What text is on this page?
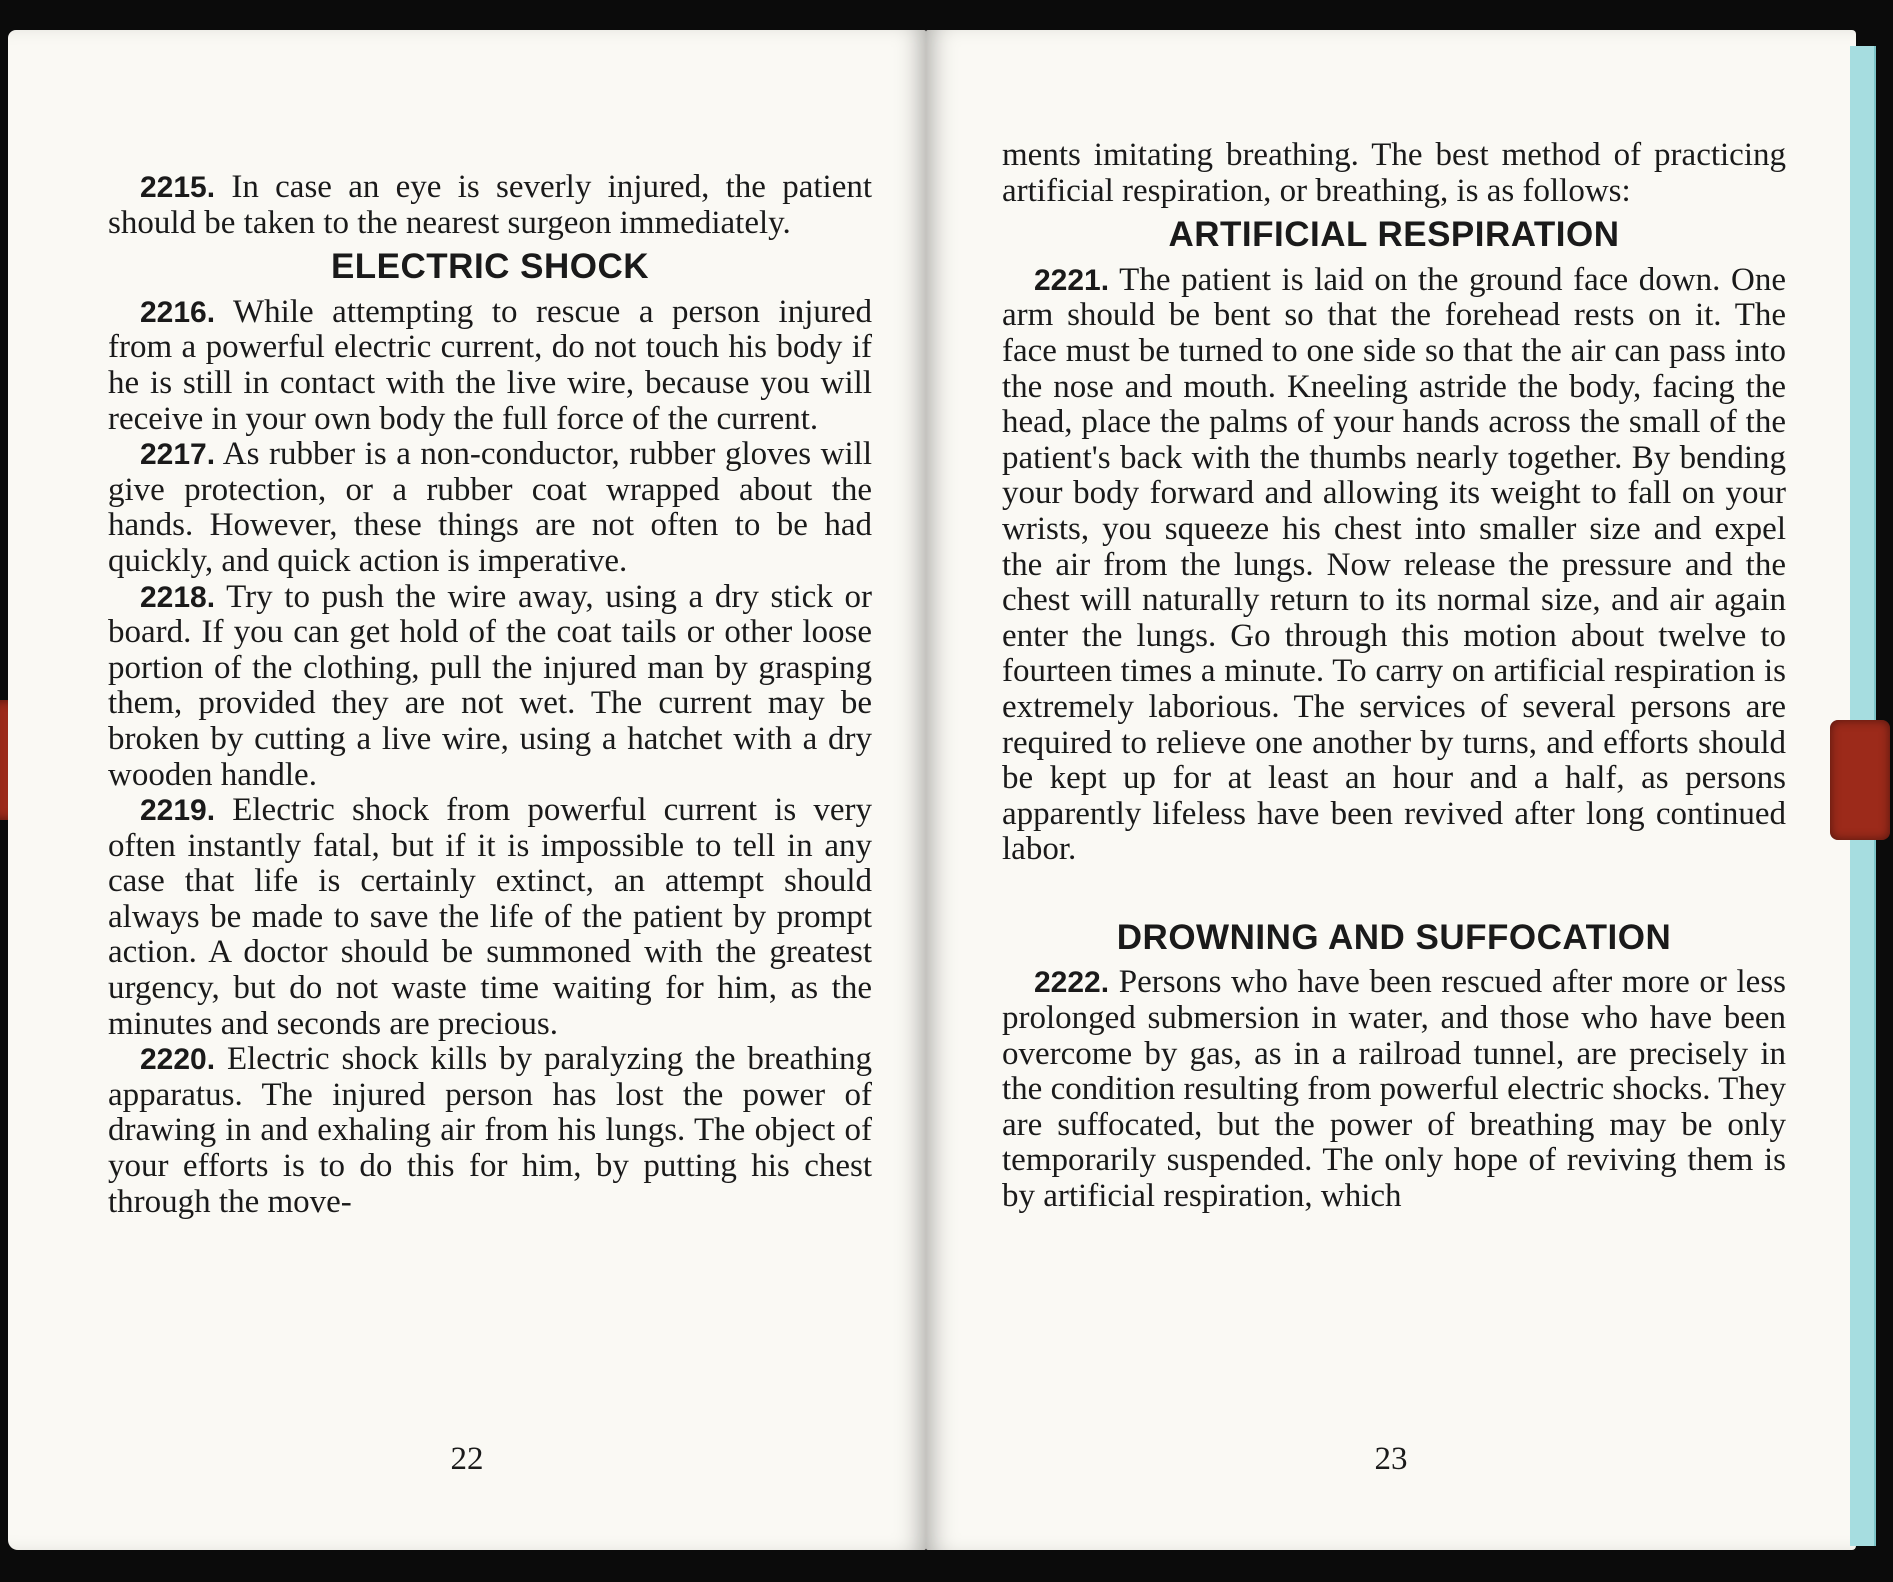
2215. In case an eye is severly injured, the patient should be taken to the nearest surgeon immediately.

ELECTRIC SHOCK

2216. While attempting to rescue a person injured from a powerful electric current, do not touch his body if he is still in contact with the live wire, because you will receive in your own body the full force of the current.

2217. As rubber is a non-conductor, rubber gloves will give protection, or a rubber coat wrapped about the hands. However, these things are not often to be had quickly, and quick action is imperative.

2218. Try to push the wire away, using a dry stick or board. If you can get hold of the coat tails or other loose portion of the clothing, pull the injured man by grasping them, provided they are not wet. The current may be broken by cutting a live wire, using a hatchet with a dry wooden handle.

2219. Electric shock from powerful current is very often instantly fatal, but if it is impossible to tell in any case that life is certainly extinct, an attempt should always be made to save the life of the patient by prompt action. A doctor should be summoned with the greatest urgency, but do not waste time waiting for him, as the minutes and seconds are precious.

2220. Electric shock kills by paralyzing the breathing apparatus. The injured person has lost the power of drawing in and exhaling air from his lungs. The object of your efforts is to do this for him, by putting his chest through the move-

22

ments imitating breathing. The best method of practicing artificial respiration, or breathing, is as follows:

ARTIFICIAL RESPIRATION

2221. The patient is laid on the ground face down. One arm should be bent so that the forehead rests on it. The face must be turned to one side so that the air can pass into the nose and mouth. Kneeling astride the body, facing the head, place the palms of your hands across the small of the patient's back with the thumbs nearly together. By bending your body forward and allowing its weight to fall on your wrists, you squeeze his chest into smaller size and expel the air from the lungs. Now release the pressure and the chest will naturally return to its normal size, and air again enter the lungs. Go through this motion about twelve to fourteen times a minute. To carry on artificial respiration is extremely laborious. The services of several persons are required to relieve one another by turns, and efforts should be kept up for at least an hour and a half, as persons apparently lifeless have been revived after long continued labor.

DROWNING AND SUFFOCATION

2222. Persons who have been rescued after more or less prolonged submersion in water, and those who have been overcome by gas, as in a railroad tunnel, are precisely in the condition resulting from powerful electric shocks. They are suffocated, but the power of breathing may be only temporarily suspended. The only hope of reviving them is by artificial respiration, which

23
